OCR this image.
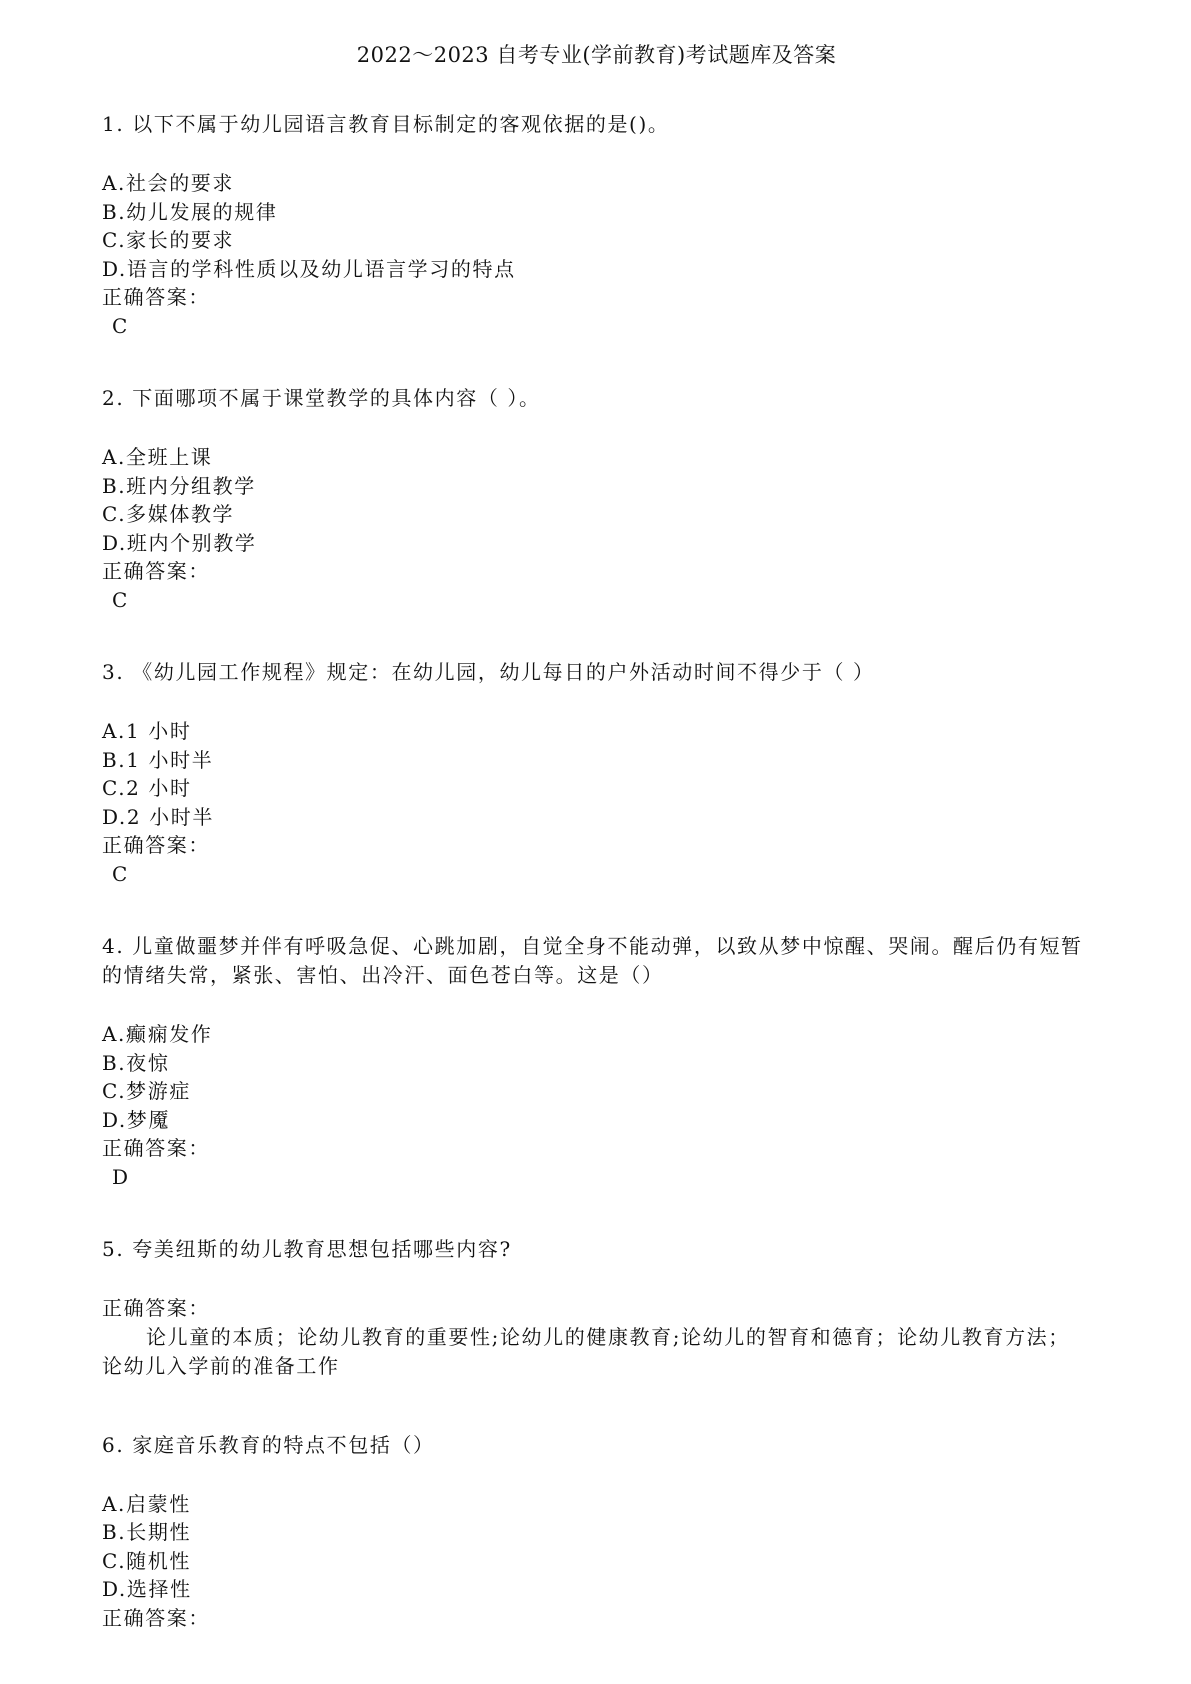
2022～2023 自考专业(学前教育)考试题库及答案
1. 以下不属于幼儿园语言教育目标制定的客观依据的是()。
A.社会的要求
B.幼儿发展的规律
C.家长的要求
D.语言的学科性质以及幼儿语言学习的特点
正确答案：
C
2. 下面哪项不属于课堂教学的具体内容（ ）。
A.全班上课
B.班内分组教学
C.多媒体教学
D.班内个别教学
正确答案：
C
3. 《幼儿园工作规程》规定：在幼儿园，幼儿每日的户外活动时间不得少于（ ）
A.1 小时
B.1 小时半
C.2 小时
D.2 小时半
正确答案：
C
4. 儿童做噩梦并伴有呼吸急促、心跳加剧，自觉全身不能动弹，以致从梦中惊醒、哭闹。醒后仍有短暂的情绪失常，紧张、害怕、出冷汗、面色苍白等。这是（）
A.癫痫发作
B.夜惊
C.梦游症
D.梦魇
正确答案：
D
5. 夸美纽斯的幼儿教育思想包括哪些内容?
正确答案：
论儿童的本质；论幼儿教育的重要性;论幼儿的健康教育;论幼儿的智育和德育；论幼儿教育方法；论幼儿入学前的准备工作
6. 家庭音乐教育的特点不包括（）
A.启蒙性
B.长期性
C.随机性
D.选择性
正确答案：
